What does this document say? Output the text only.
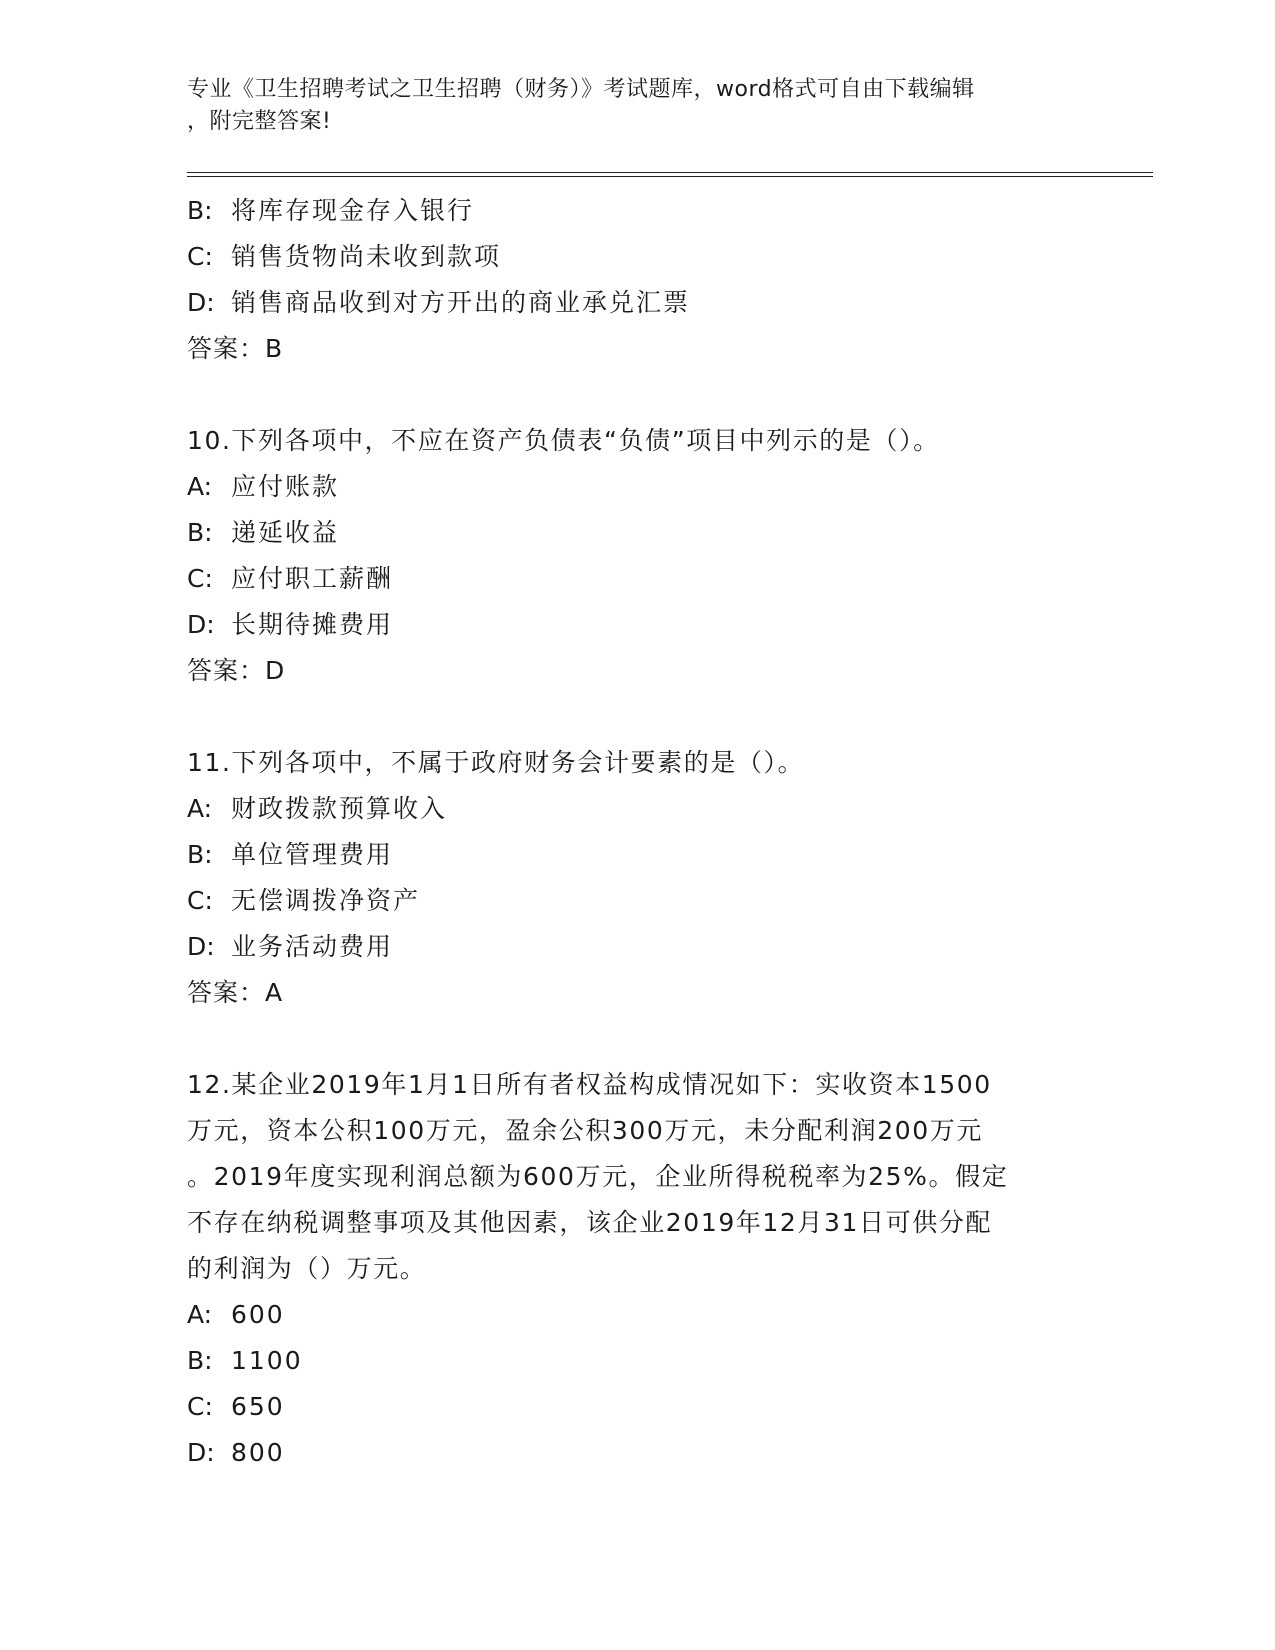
专业《卫生招聘考试之卫生招聘（财务）》考试题库，word格式可自由下载编辑
，附完整答案!
B: 将库存现金存入银行
C: 销售货物尚未收到款项
D: 销售商品收到对方开出的商业承兑汇票
答案：B
10.下列各项中，不应在资产负债表“负债”项目中列示的是（）。
A: 应付账款
B: 递延收益
C: 应付职工薪酬
D: 长期待摊费用
答案：D
11.下列各项中，不属于政府财务会计要素的是（）。
A: 财政拨款预算收入
B: 单位管理费用
C: 无偿调拨净资产
D: 业务活动费用
答案：A
12.某企业2019年1月1日所有者权益构成情况如下：实收资本1500
万元，资本公积100万元，盈余公积300万元，未分配利润200万元
。2019年度实现利润总额为600万元，企业所得税税率为25%。假定
不存在纳税调整事项及其他因素，该企业2019年12月31日可供分配
的利润为（）万元。
A: 600
B: 1100
C: 650
D: 800
